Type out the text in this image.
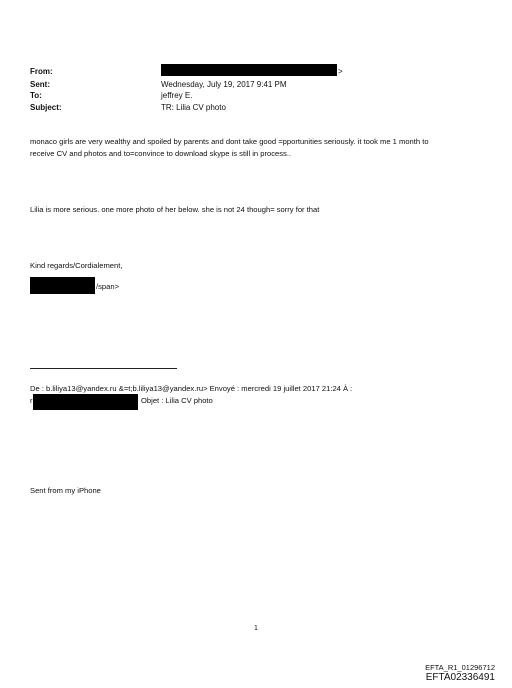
From:
Sent:
To:
Subject:
>
Wednesday, July 19, 2017 9:41 PM
jeffrey E.
TR: Lilia CV photo
monaco girls are very wealthy and spoiled by parents and dont take good =pportunities seriously. it took me 1 month to
receive CV and photos and to=convince to download skype is still in process..
Lilia is more serious. one more photo of her below. she is not 24 though= sorry for that
Kind regards/Cordialement,
/span>
De : b.liliya13@yandex.ru &=t;b.liliya13@yandex.ru> Envoyé : mercredi 19 juillet 2017 21:24 À :
r	Objet : Lilia CV photo
Sent from my iPhone
1
EFTA_R1_01296712
EFTA02336491
